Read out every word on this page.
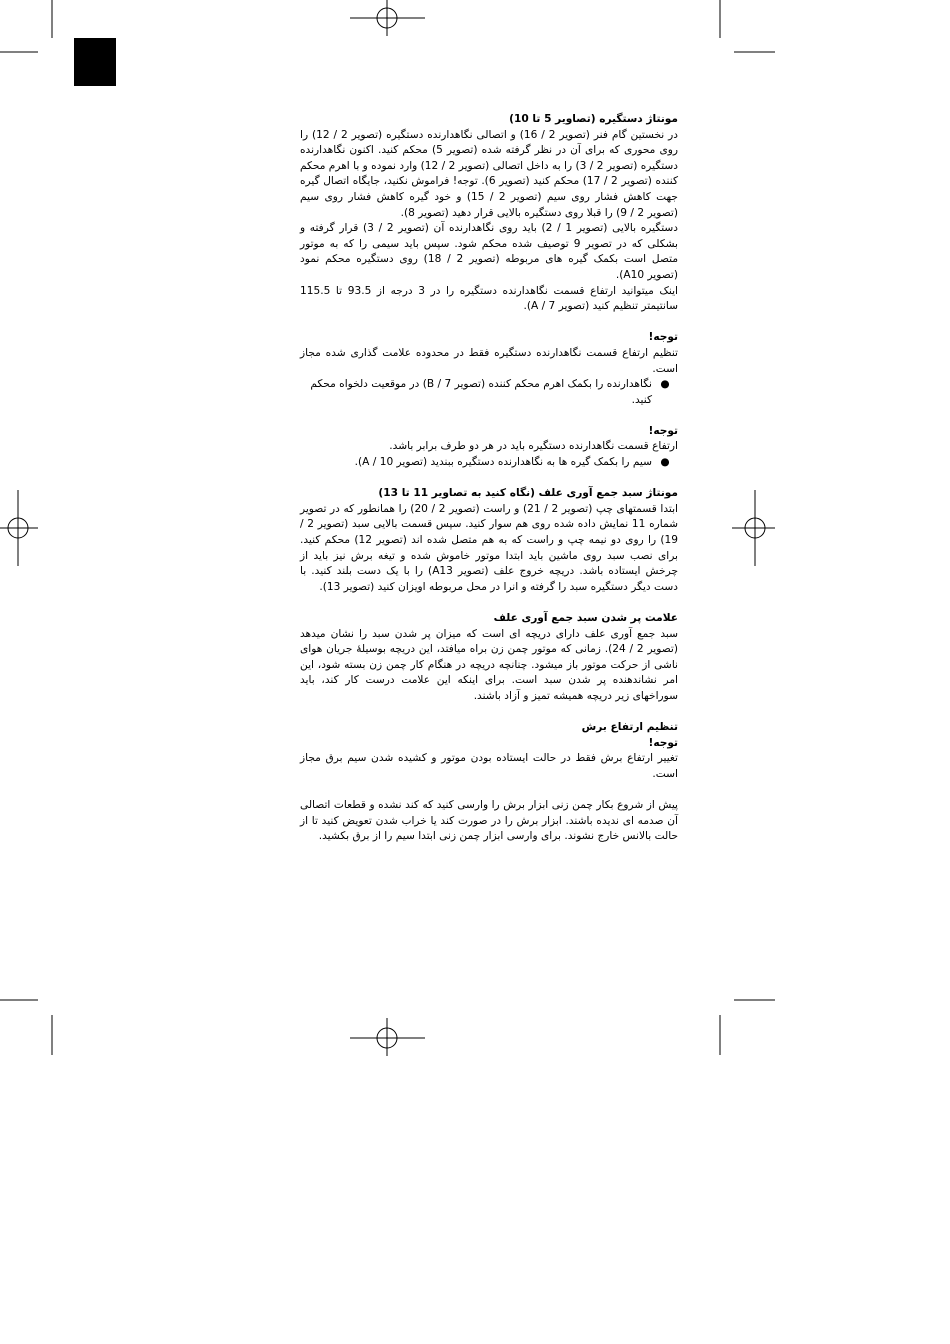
مونتاژ دستگیره (تصاویر 5 تا 10)

در نخستین گام فنر (تصویر 2 / 16) و اتصالی نگاهدارنده دستگیره (تصویر 2 / 12) را روی محوری که برای آن در نظر گرفته شده (تصویر 5) محکم کنید. اکنون نگاهدارنده دستگیره (تصویر 2 / 3) را به داخل اتصالی (تصویر 2 / 12) وارد نموده و با اهرم محکم کننده (تصویر 2 / 17) محکم کنید (تصویر 6). توجه! فراموش نکنید، جایگاه اتصال گیره جهت کاهش فشار روی سیم (تصویر 2 / 15) و خود گیره کاهش فشار روی سیم (تصویر 2 / 9) را قبلا روی دستگیره بالایی قرار دهید (تصویر 8).

دستگیره بالایی (تصویر 1 / 2) باید روی نگاهدارنده آن (تصویر 2 / 3) قرار گرفته و بشکلی که در تصویر 9 توصیف شده محکم شود. سپس باید سیمی را که به موتور متصل است بکمک گیره های مربوطه (تصویر 2 / 18) روی دستگیره محکم نمود (تصویر A10).

اینک میتوانید ارتفاع قسمت نگاهدارنده دستگیره را در 3 درجه از 93.5 تا 115.5 سانتیمتر تنظیم کنید (تصویر 7 / A).

توجه!

تنظیم ارتفاع قسمت نگاهدارنده دستگیره فقط در محدوده علامت گذاری شده مجاز است.

●
نگاهدارنده را بکمک اهرم محکم کننده (تصویر 7 / B) در موقعیت دلخواه محکم کنید.

توجه!

ارتفاع قسمت نگاهدارنده دستگیره باید در هر دو طرف برابر باشد.

●
سیم را بکمک گیره ها به نگاهدارنده دستگیره ببندید (تصویر 10 / A).

مونتاژ سبد جمع آوری علف (نگاه کنید به تصاویر 11 تا 13)

ابتدا قسمتهای چپ (تصویر 2 / 21) و راست (تصویر 2 / 20) را همانطور که در تصویر شماره 11 نمایش داده شده روی هم سوار کنید. سپس قسمت بالایی سبد (تصویر 2 / 19) را روی دو نیمه چپ و راست که به هم متصل شده اند (تصویر 12) محکم کنید. برای نصب سبد روی ماشین باید ابتدا موتور خاموش شده و تیغه برش نیز باید از چرخش ایستاده باشد. دریچه خروج علف (تصویر A13) را با یک دست بلند کنید. با دست دیگر دستگیره سبد را گرفته و انرا در محل مربوطه اویزان کنید (تصویر 13).

علامت پر شدن سبد جمع آوری علف

سبد جمع آوری علف دارای دریچه ای است که میزان پر شدن سبد را نشان میدهد (تصویر 2 / 24). زمانی که موتور چمن زن براه میافتد، این دریچه بوسیلهٔ جریان هوای ناشی از حرکت موتور باز میشود. چنانچه دریچه در هنگام کار چمن زن بسته شود، این امر نشاندهنده پر شدن سبد است. برای اینکه این علامت درست کار کند، باید سوراخهای زیر دریچه همیشه تمیز و آزاد باشند.

تنظیم ارتفاع برش

توجه!

تغییر ارتفاع برش فقط در حالت ایستاده بودن موتور و کشیده شدن سیم برق مجاز است.

پیش از شروع بکار چمن زنی ابزار برش را وارسی کنید که کند نشده و قطعات اتصالی آن صدمه ای ندیده باشند. ابزار برش را در صورت کند یا خراب شدن تعویض کنید تا از حالت بالانس خارج نشوند. برای وارسی ابزار چمن زنی ابتدا سیم را از برق بکشید.
